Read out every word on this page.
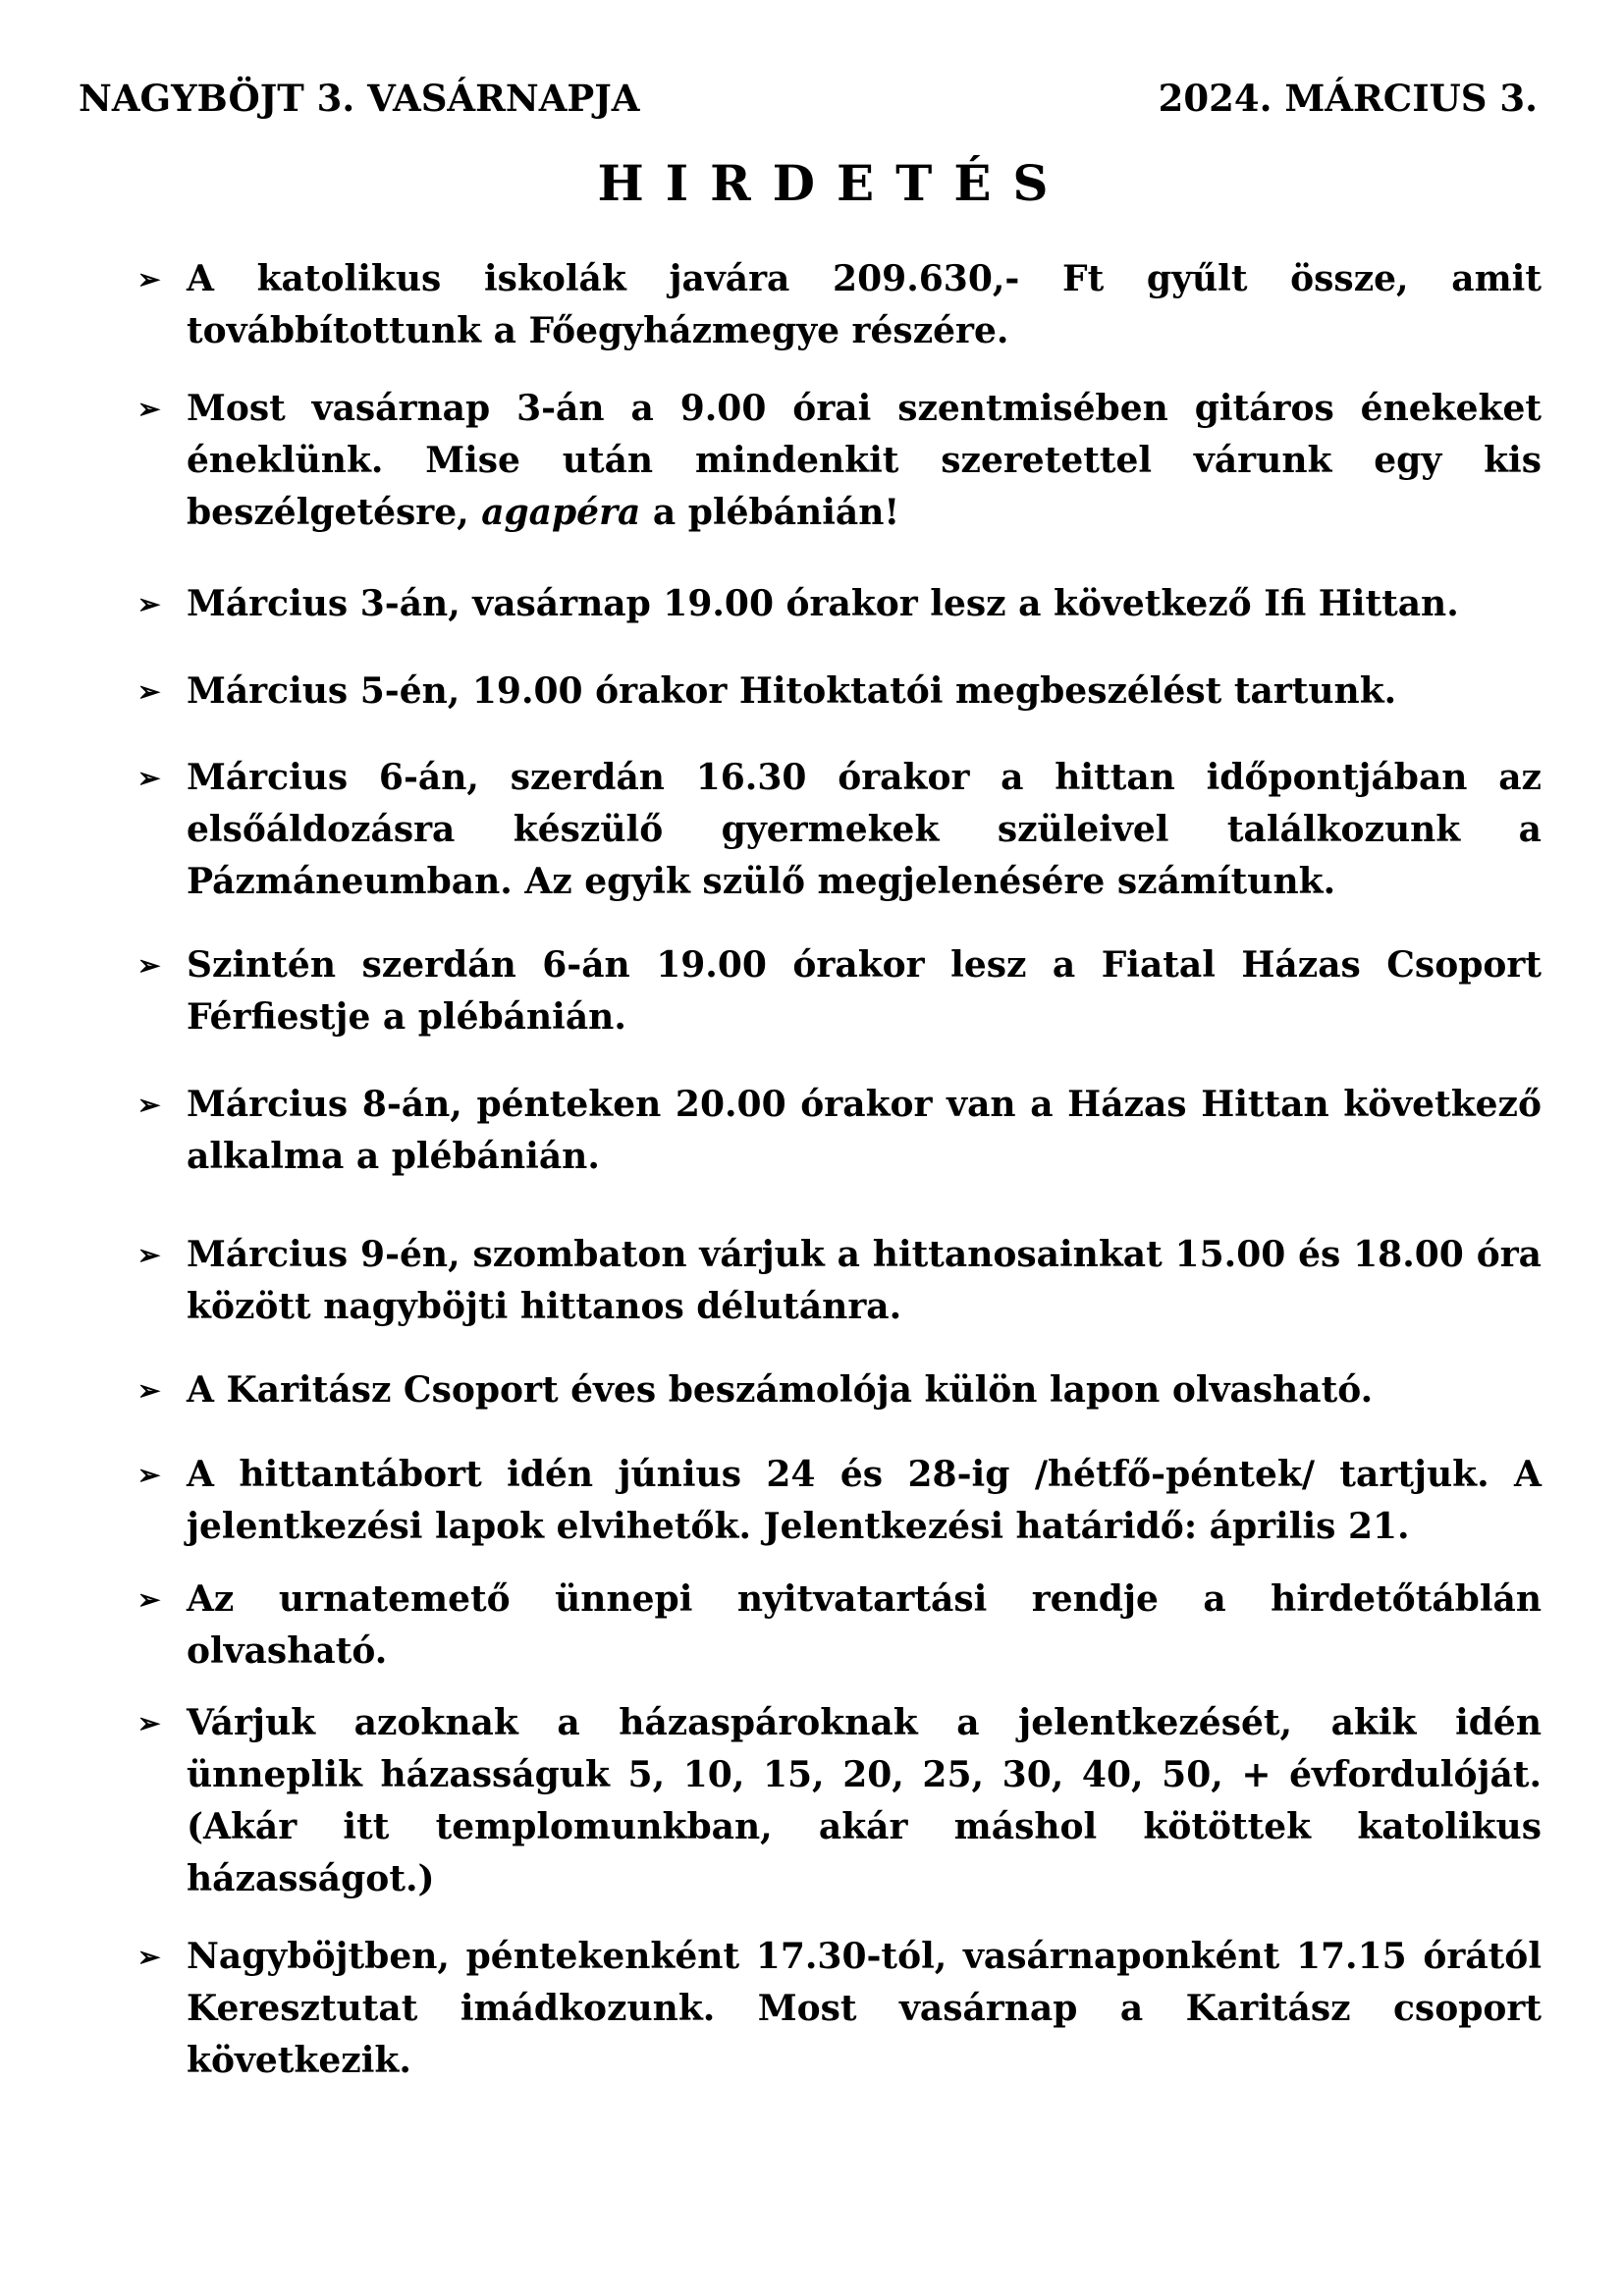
NAGYBÖJT 3. VASÁRNAPJA	2024. MÁRCIUS 3.
HIRDETÉS
➢ A katolikus iskolák javára 209.630,- Ft gyűlt össze, amit továbbítottunk a Főegyházmegye részére.
➢ Most vasárnap 3-án a 9.00 órai szentmisében gitáros énekeket éneklünk. Mise után mindenkit szeretettel várunk egy kis beszélgetésre, agapéra a plébánián!
➢ Március 3-án, vasárnap 19.00 órakor lesz a következő Ifi Hittan.
➢ Március 5-én, 19.00 órakor Hitoktatói megbeszélést tartunk.
➢ Március 6-án, szerdán 16.30 órakor a hittan időpontjában az elsőáldozásra készülő gyermekek szüleivel találkozunk a Pázmáneumban. Az egyik szülő megjelenésére számítunk.
➢ Szintén szerdán 6-án 19.00 órakor lesz a Fiatal Házas Csoport Férfiestje a plébánián.
➢ Március 8-án, pénteken 20.00 órakor van a Házas Hittan következő alkalma a plébánián.
➢ Március 9-én, szombaton várjuk a hittanosainkat 15.00 és 18.00 óra között nagyböjti hittanos délutánra.
➢ A Karitász Csoport éves beszámolója külön lapon olvasható.
➢ A hittantábort idén június 24 és 28-ig /hétfő-péntek/ tartjuk. A jelentkezési lapok elvihetők. Jelentkezési határidő: április 21.
➢ Az urnatemető ünnepi nyitvatartási rendje a hirdetőtáblán olvasható.
➢ Várjuk azoknak a házaspároknak a jelentkezését, akik idén ünneplik házasságuk 5, 10, 15, 20, 25, 30, 40, 50, + évfordulóját. (Akár itt templomunkban, akár máshol kötöttek katolikus házasságot.)
➢ Nagyböjtben, péntekenként 17.30-tól, vasárnaponként 17.15 órától Keresztutat imádkozunk. Most vasárnap a Karitász csoport következik.
